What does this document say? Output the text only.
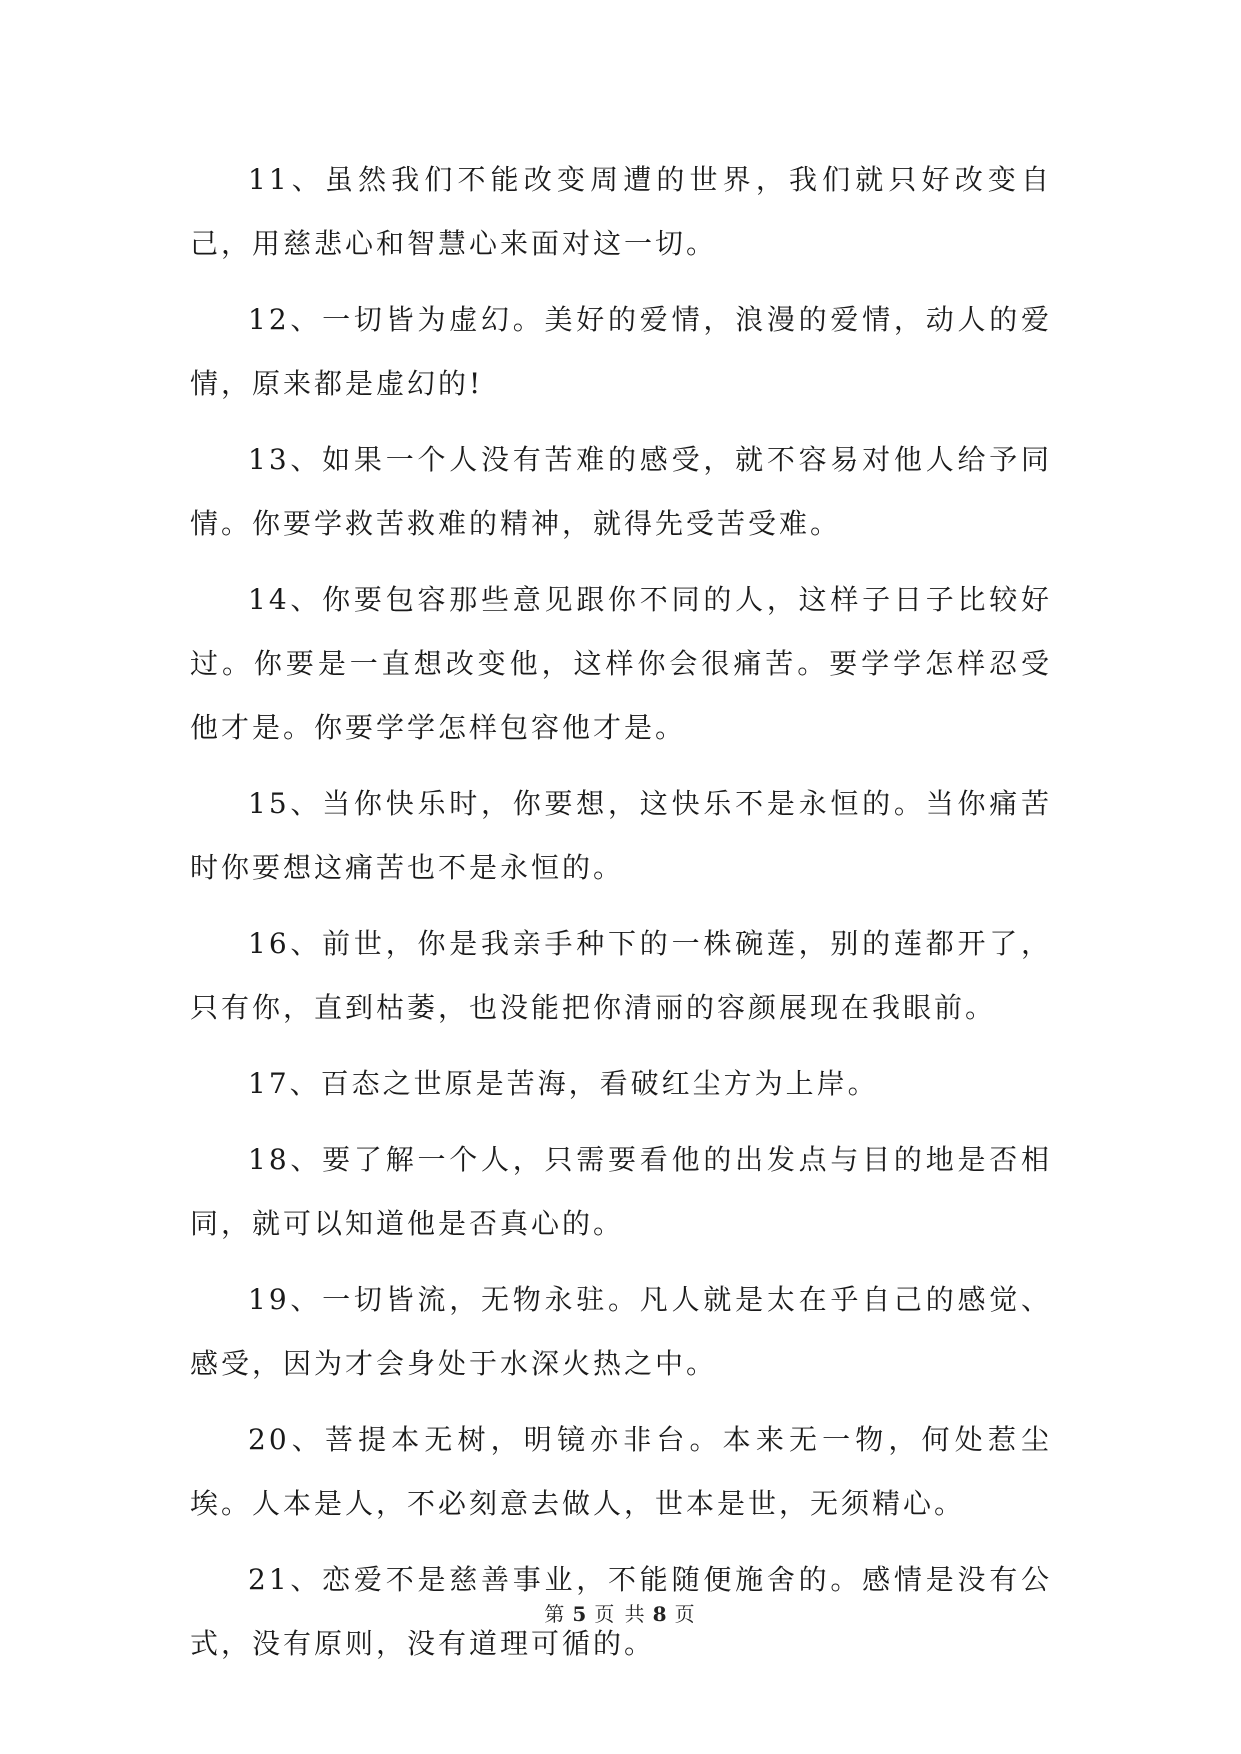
11、虽然我们不能改变周遭的世界，我们就只好改变自己，用慈悲心和智慧心来面对这一切。

12、一切皆为虚幻。美好的爱情，浪漫的爱情，动人的爱情，原来都是虚幻的!

13、如果一个人没有苦难的感受，就不容易对他人给予同情。你要学救苦救难的精神，就得先受苦受难。

14、你要包容那些意见跟你不同的人，这样子日子比较好过。你要是一直想改变他，这样你会很痛苦。要学学怎样忍受他才是。你要学学怎样包容他才是。

15、当你快乐时，你要想，这快乐不是永恒的。当你痛苦时你要想这痛苦也不是永恒的。

16、前世，你是我亲手种下的一株碗莲，别的莲都开了，只有你，直到枯萎，也没能把你清丽的容颜展现在我眼前。

17、百态之世原是苦海，看破红尘方为上岸。

18、要了解一个人，只需要看他的出发点与目的地是否相同，就可以知道他是否真心的。

19、一切皆流，无物永驻。凡人就是太在乎自己的感觉、感受，因为才会身处于水深火热之中。

20、菩提本无树，明镜亦非台。本来无一物，何处惹尘埃。人本是人，不必刻意去做人，世本是世，无须精心。

21、恋爱不是慈善事业，不能随便施舍的。感情是没有公式，没有原则，没有道理可循的。

第 5 页 共 8 页
